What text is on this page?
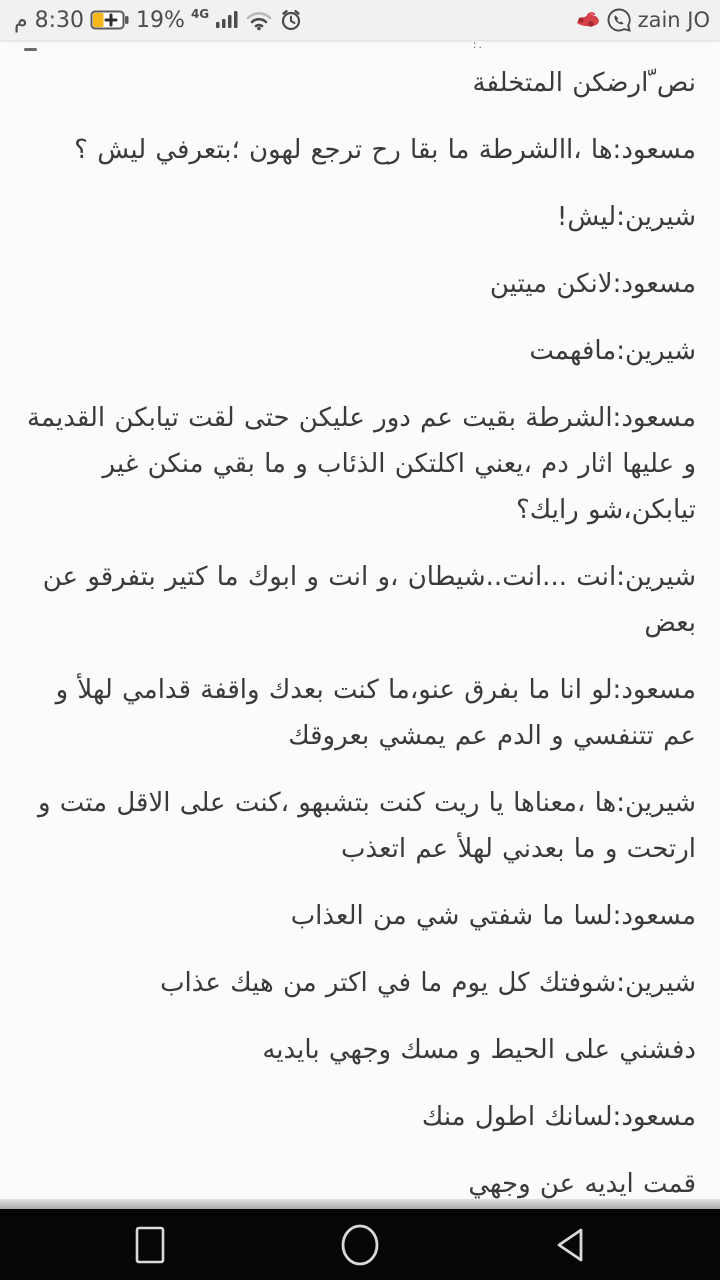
8:30 م 19% 4G	zain JO
.:

نص ّارضكن المتخلفة

مسعود:ها ،االشرطة ما بقا رح ترجع لهون ؛بتعرفي ليش ؟

شيرين:ليش!

مسعود:لانكن ميتين

شيرين:مافهمت

مسعود:الشرطة بقيت عم دور عليكن حتى لقت تيابكن القديمة و عليها اثار دم ،يعني اكلتكن الذئاب و ما بقي منكن غير تيابكن،شو رايك؟

شيرين:انت ...انت..شيطان ،و انت و ابوك ما كتير بتفرقو عن بعض

مسعود:لو انا ما بفرق عنو،ما كنت بعدك واقفة قدامي لهلأ و عم تتنفسي و الدم عم يمشي بعروقك

شيرين:ها ،معناها يا ريت كنت بتشبهو ،كنت على الاقل متت و ارتحت و ما بعدني لهلأ عم اتعذب

مسعود:لسا ما شفتي شي من العذاب

شيرين:شوفتك كل يوم ما في اكتر من هيك عذاب

دفشني على الحيط و مسك وجهي بايديه

مسعود:لسانك اطول منك

قمت ايديه عن وجهي
